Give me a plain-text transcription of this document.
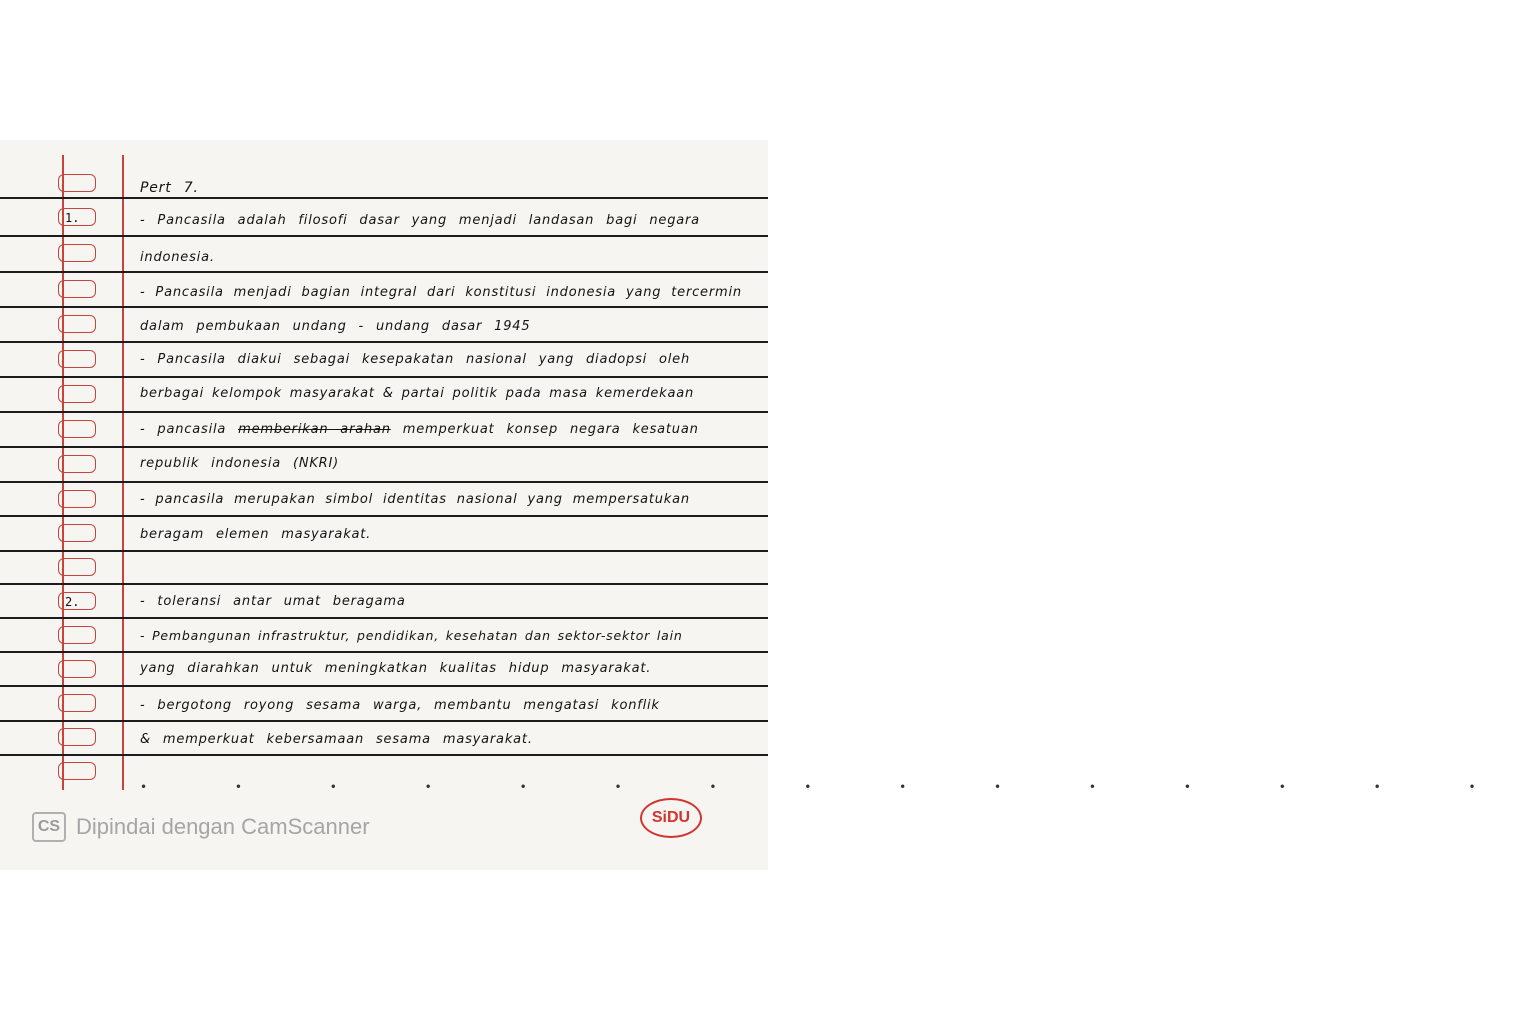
1.
2.
Pert 7.
- Pancasila adalah filosofi dasar yang menjadi landasan bagi negara
indonesia.
- Pancasila menjadi bagian integral dari konstitusi indonesia yang tercermin
dalam pembukaan undang - undang dasar 1945
- Pancasila diakui sebagai kesepakatan nasional yang diadopsi oleh
berbagai kelompok masyarakat & partai politik pada masa kemerdekaan
- pancasila memberikan arahan memperkuat konsep negara kesatuan
republik indonesia (NKRI)
- pancasila merupakan simbol identitas nasional yang mempersatukan
beragam elemen masyarakat.
- toleransi antar umat beragama
- Pembangunan infrastruktur, pendidikan, kesehatan dan sektor-sektor lain
yang diarahkan untuk meningkatkan kualitas hidup masyarakat.
- bergotong royong sesama warga, membantu mengatasi konflik
& memperkuat kebersamaan sesama masyarakat.
• • • • • • • • • • • • • • •
CS Dipindai dengan CamScanner	SiDU
